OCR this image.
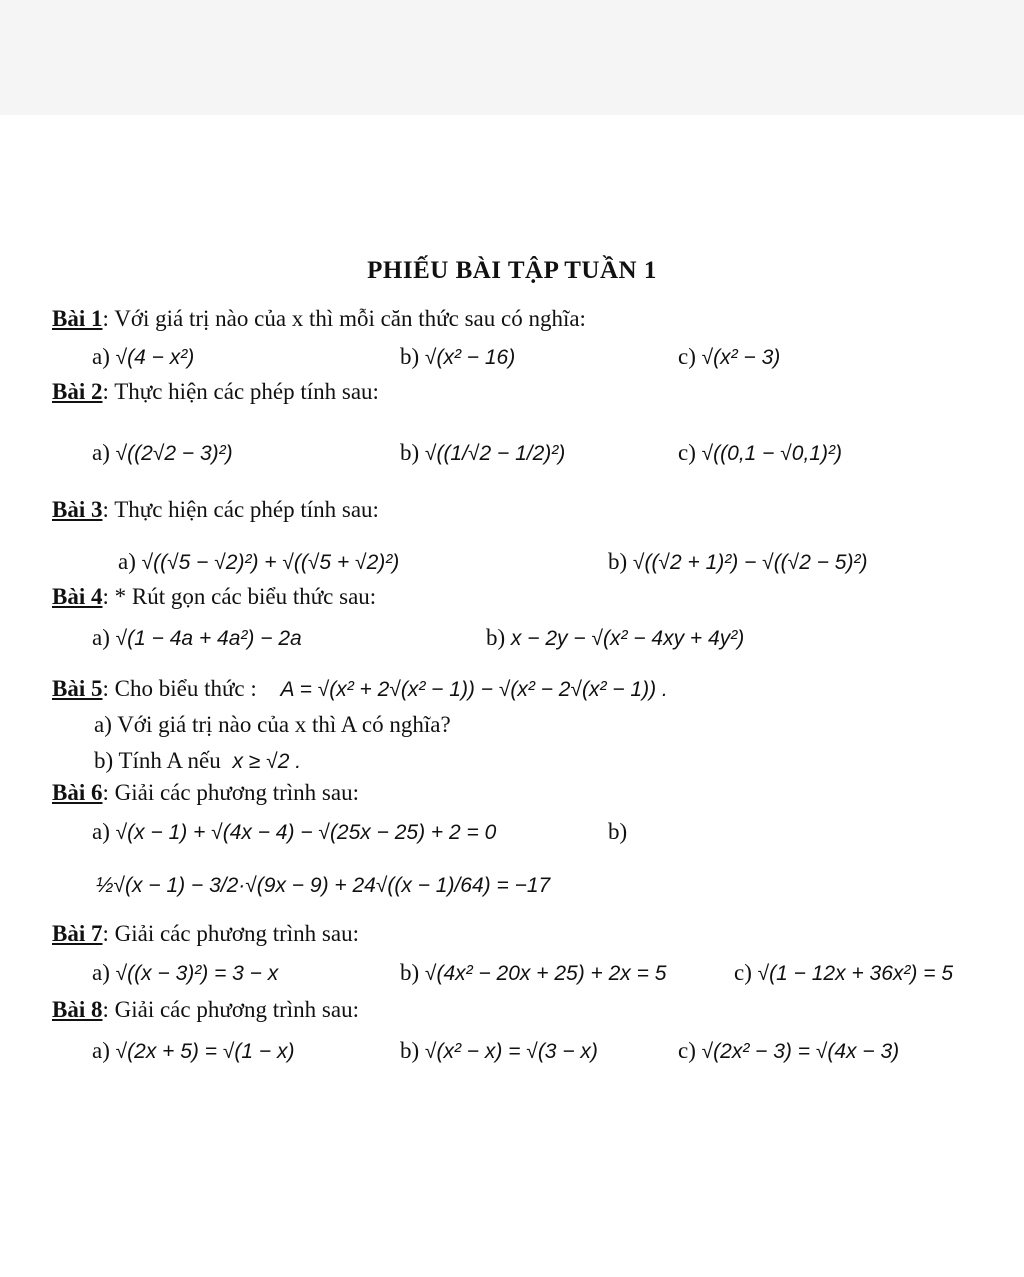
PHIẾU BÀI TẬP TUẦN 1
Bài 1: Với giá trị nào của x thì mỗi căn thức sau có nghĩa:
a) √(4 − x²)	b) √(x² − 16)	c) √(x² − 3)
Bài 2: Thực hiện các phép tính sau:
a) √((2√2 − 3)²)	b) √((1/√2 − 1/2)²)	c) √((0,1 − √0,1)²)
Bài 3: Thực hiện các phép tính sau:
a) √((√5 − √2)²) + √((√5 + √2)²)	b) √((√2 + 1)²) − √((√2 − 5)²)
Bài 4: * Rút gọn các biểu thức sau:
a) √(1 − 4a + 4a²) − 2a	b) x − 2y − √(x² − 4xy + 4y²)
Bài 5: Cho biểu thức : A = √(x² + 2√(x² − 1)) − √(x² − 2√(x² − 1)) .
a) Với giá trị nào của x thì A có nghĩa?
b) Tính A nếu x ≥ √2 .
Bài 6: Giải các phương trình sau:
a) √(x − 1) + √(4x − 4) − √(25x − 25) + 2 = 0	b)
½√(x − 1) − 3/2·√(9x − 9) + 24√((x − 1)/64) = −17
Bài 7: Giải các phương trình sau:
a) √((x − 3)²) = 3 − x	b) √(4x² − 20x + 25) + 2x = 5	c) √(1 − 12x + 36x²) = 5
Bài 8: Giải các phương trình sau:
a) √(2x + 5) = √(1 − x)	b) √(x² − x) = √(3 − x)	c) √(2x² − 3) = √(4x − 3)
